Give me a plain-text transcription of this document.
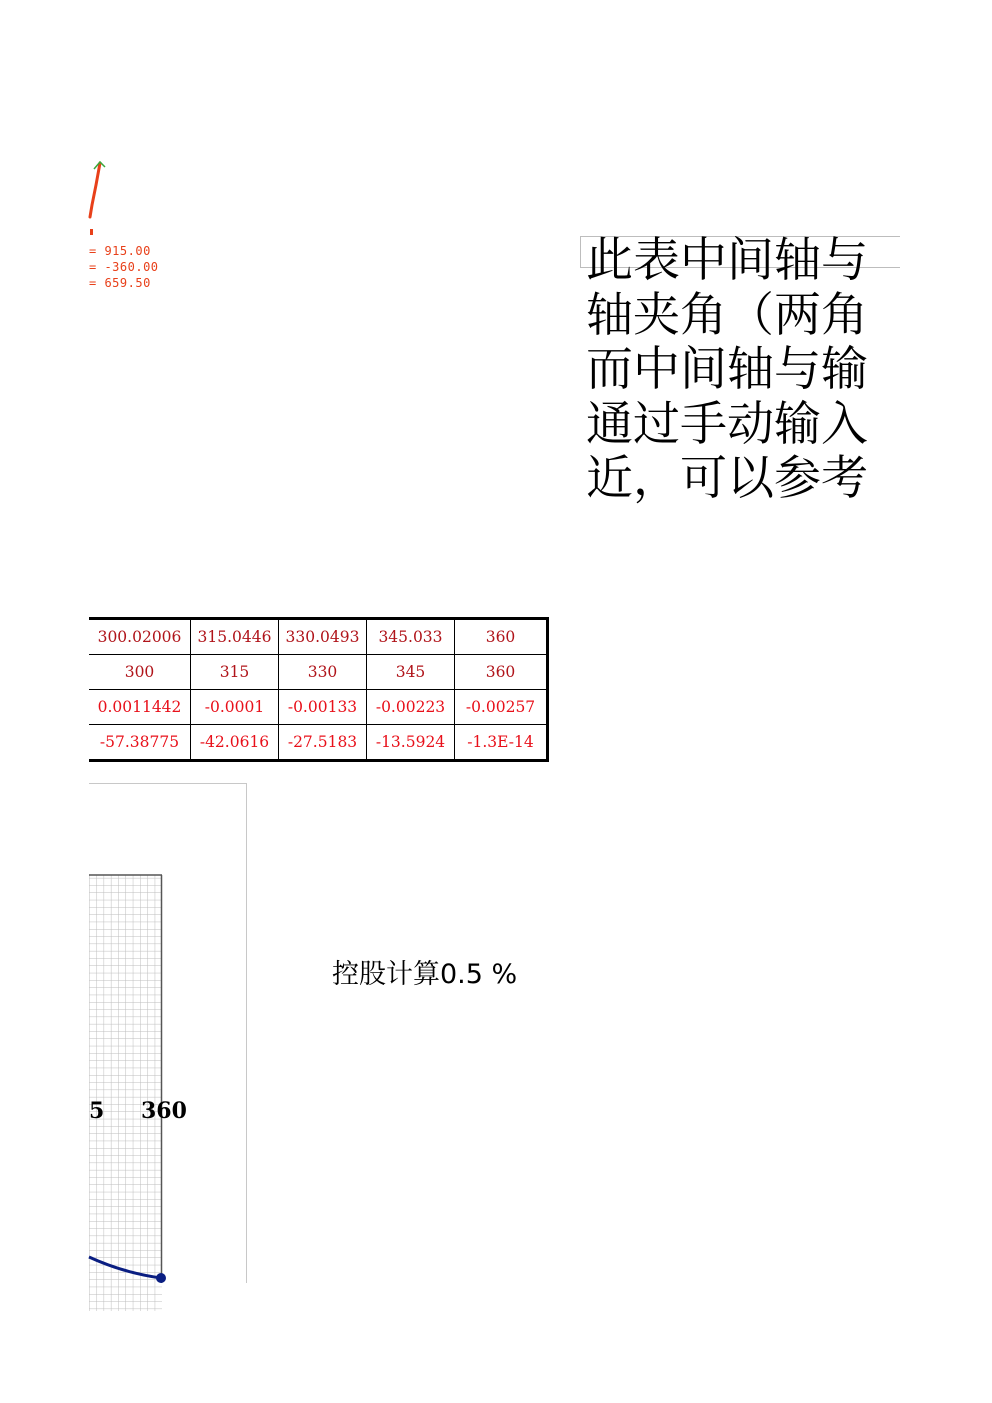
= 915.00
= -360.00
= 659.50	此表中间轴与
轴夹角（两角
而中间轴与输
通过手动输入
近，可以参考
300.02006	315.0446	330.0493	345.033	360
300	315	330	345	360
0.0011442	-0.0001	-0.00133	-0.00223	-0.00257
-57.38775	-42.0616	-27.5183	-13.5924	-1.3E-14
5 360
控股计算0.5 %
